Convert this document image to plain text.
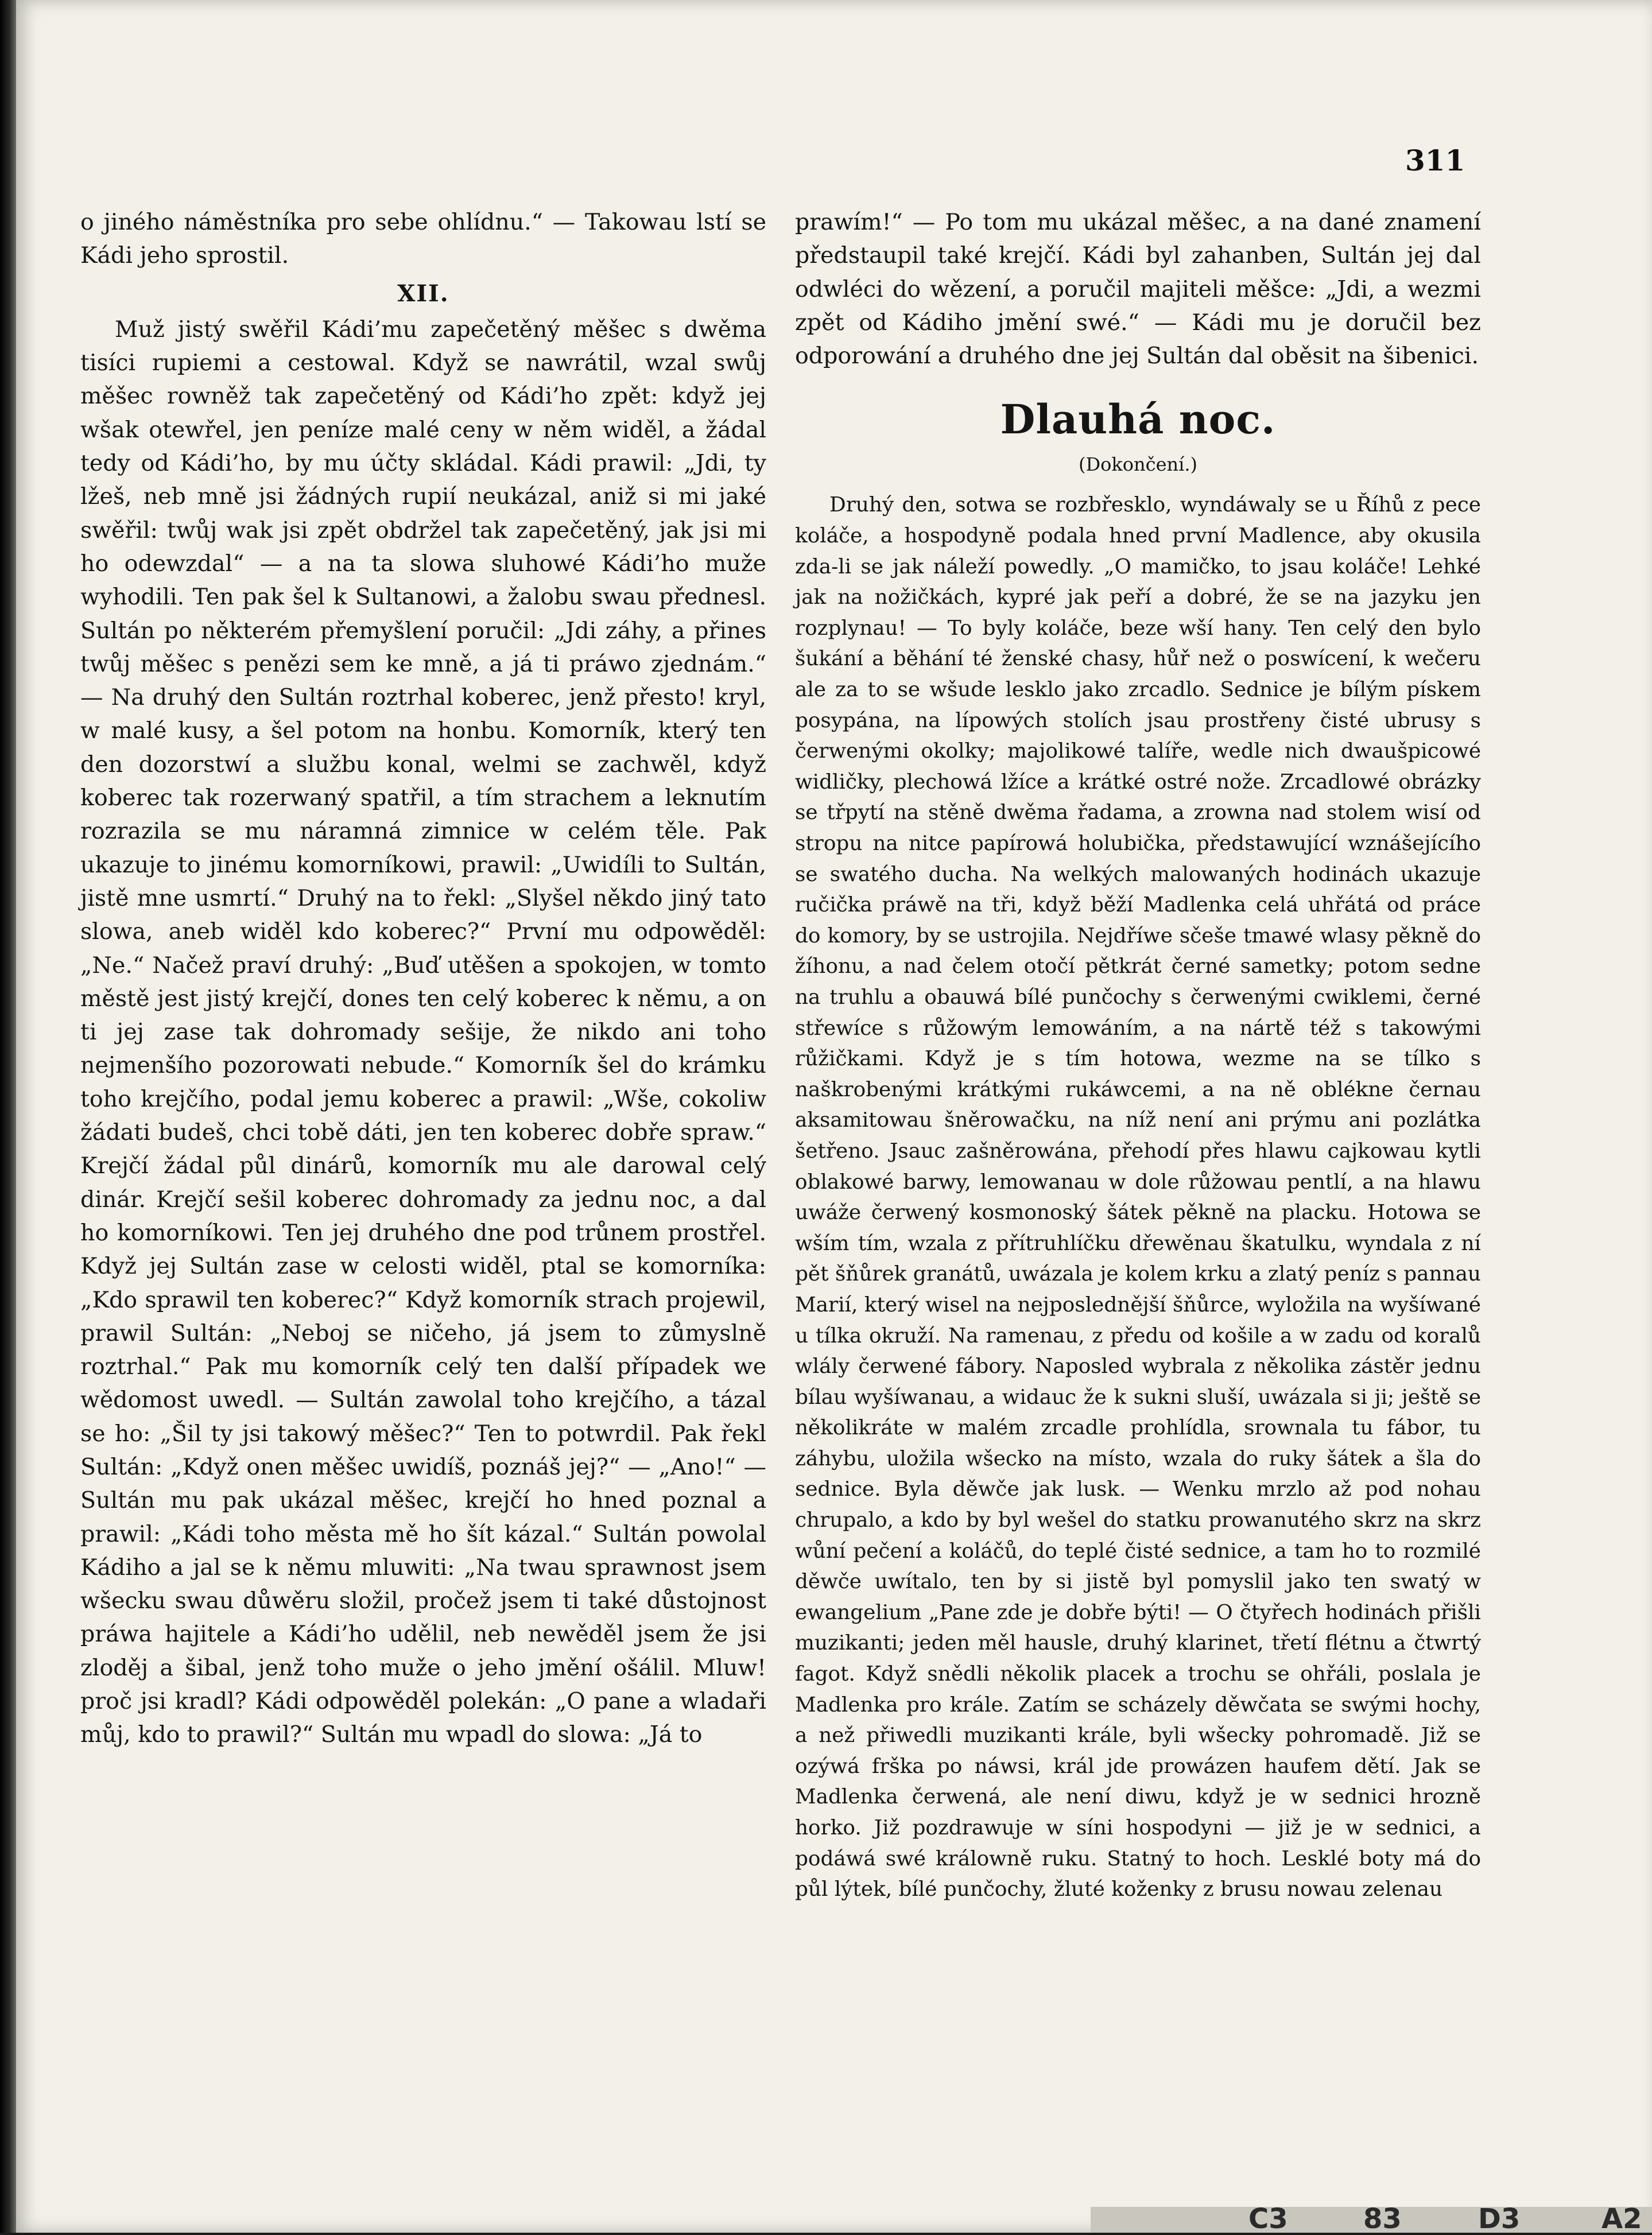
311

o jiného náměstníka pro sebe ohlídnu.“ — Takowau lstí se Kádi jeho sprostil.

XII.

Muž jistý swěřil Kádi’mu zapečetěný měšec s dwěma tisíci rupiemi a cestowal. Když se nawrátil, wzal swůj měšec rowněž tak zapečetěný od Kádi’ho zpět: když jej wšak otewřel, jen peníze malé ceny w něm widěl, a žádal tedy od Kádi’ho, by mu účty skládal. Kádi prawil: „Jdi, ty lžeš, neb mně jsi žádných rupií neukázal, aniž si mi jaké swěřil: twůj wak jsi zpět obdržel tak zapečetěný, jak jsi mi ho odewzdal“ — a na ta slowa sluhowé Kádi’ho muže wyhodili. Ten pak šel k Sultanowi, a žalobu swau přednesl. Sultán po některém přemyšlení poručil: „Jdi záhy, a přines twůj měšec s penězi sem ke mně, a já ti práwo zjednám.“ — Na druhý den Sultán roztrhal koberec, jenž přesto! kryl, w malé kusy, a šel potom na honbu. Komorník, který ten den dozorstwí a službu konal, welmi se zachwěl, když koberec tak rozerwaný spatřil, a tím strachem a leknutím rozrazila se mu náramná zimnice w celém těle. Pak ukazuje to jinému komorníkowi, prawil: „Uwidíli to Sultán, jistě mne usmrtí.“ Druhý na to řekl: „Slyšel někdo jiný tato slowa, aneb widěl kdo koberec?“ První mu odpowěděl: „Ne.“ Načež praví druhý: „Buď utěšen a spokojen, w tomto městě jest jistý krejčí, dones ten celý koberec k němu, a on ti jej zase tak dohromady sešije, že nikdo ani toho nejmenšího pozorowati nebude.“ Komorník šel do krámku toho krejčího, podal jemu koberec a prawil: „Wše, cokoliw žádati budeš, chci tobě dáti, jen ten koberec dobře spraw.“ Krejčí žádal půl dinárů, komorník mu ale darowal celý dinár. Krejčí sešil koberec dohromady za jednu noc, a dal ho komorníkowi. Ten jej druhého dne pod trůnem prostřel. Když jej Sultán zase w celosti widěl, ptal se komorníka: „Kdo sprawil ten koberec?“ Když komorník strach projewil, prawil Sultán: „Neboj se ničeho, já jsem to zůmyslně roztrhal.“ Pak mu komorník celý ten další případek we wědomost uwedl. — Sultán zawolal toho krejčího, a tázal se ho: „Šil ty jsi takowý měšec?“ Ten to potwrdil. Pak řekl Sultán: „Když onen měšec uwidíš, poznáš jej?“ — „Ano!“ — Sultán mu pak ukázal měšec, krejčí ho hned poznal a prawil: „Kádi toho města mě ho šít kázal.“ Sultán powolal Kádiho a jal se k němu mluwiti: „Na twau sprawnost jsem wšecku swau důwěru složil, pročež jsem ti také důstojnost práwa hajitele a Kádi’ho udělil, neb newěděl jsem že jsi zloděj a šibal, jenž toho muže o jeho jmění ošálil. Mluw! proč jsi kradl? Kádi odpowěděl polekán: „O pane a wladaři můj, kdo to prawil?“ Sultán mu wpadl do slowa: „Já to

prawím!“ — Po tom mu ukázal měšec, a na dané znamení předstaupil také krejčí. Kádi byl zahanben, Sultán jej dal odwléci do wězení, a poručil majiteli měšce: „Jdi, a wezmi zpět od Kádiho jmění swé.“ — Kádi mu je doručil bez odporowání a druhého dne jej Sultán dal oběsit na šibenici.

Dlauhá noc.
(Dokončení.)

Druhý den, sotwa se rozbřesklo, wyndáwaly se u Říhů z pece koláče, a hospodyně podala hned první Madlence, aby okusila zda-li se jak náleží powedly. „O mamičko, to jsau koláče! Lehké jak na nožičkách, kypré jak peří a dobré, že se na jazyku jen rozplynau! — To byly koláče, beze wší hany. Ten celý den bylo šukání a běhání té ženské chasy, hůř než o poswícení, k wečeru ale za to se wšude lesklo jako zrcadlo. Sednice je bílým pískem posypána, na lípowých stolích jsau prostřeny čisté ubrusy s čerwenými okolky; majolikowé talíře, wedle nich dwaušpicowé widličky, plechowá lžíce a krátké ostré nože. Zrcadlowé obrázky se třpytí na stěně dwěma řadama, a zrowna nad stolem wisí od stropu na nitce papírowá holubička, předstawující wznášejícího se swatého ducha. Na welkých malowaných hodinách ukazuje ručička práwě na tři, když běží Madlenka celá uhřátá od práce do komory, by se ustrojila. Nejdříwe sčeše tmawé wlasy pěkně do žíhonu, a nad čelem otočí pětkrát černé sametky; potom sedne na truhlu a obauwá bílé punčochy s čerwenými cwiklemi, černé střewíce s růžowým lemowáním, a na nártě též s takowými růžičkami. Když je s tím hotowa, wezme na se tílko s naškrobenými krátkými rukáwcemi, a na ně oblékne černau aksamitowau šněrowačku, na níž není ani prýmu ani pozlátka šetřeno. Jsauc zašněrowána, přehodí přes hlawu cajkowau kytli oblakowé barwy, lemowanau w dole růžowau pentlí, a na hlawu uwáže čerwený kosmonoský šátek pěkně na placku. Hotowa se wším tím, wzala z přítruhlíčku dřewěnau škatulku, wyndala z ní pět šňůrek granátů, uwázala je kolem krku a zlatý peníz s pannau Marií, který wisel na nejposlednější šňůrce, wyložila na wyšíwané u tílka okruží. Na ramenau, z předu od košile a w zadu od koralů wlály čerwené fábory. Naposled wybrala z několika zástěr jednu bílau wyšíwanau, a widauc že k sukni sluší, uwázala si ji; ještě se několikráte w malém zrcadle prohlídla, srownala tu fábor, tu záhybu, uložila wšecko na místo, wzala do ruky šátek a šla do sednice. Byla děwče jak lusk. — Wenku mrzlo až pod nohau chrupalo, a kdo by byl wešel do statku prowanutého skrz na skrz wůní pečení a koláčů, do teplé čisté sednice, a tam ho to rozmilé děwče uwítalo, ten by si jistě byl pomyslil jako ten swatý w ewangelium „Pane zde je dobře býti! — O čtyřech hodinách přišli muzikanti; jeden měl hausle, druhý klarinet, třetí flétnu a čtwrtý fagot. Když snědli několik placek a trochu se ohřáli, poslala je Madlenka pro krále. Zatím se scházely děwčata se swými hochy, a než přiwedli muzikanti krále, byli wšecky pohromadě. Již se ozýwá frška po náwsi, král jde prowázen haufem dětí. Jak se Madlenka čerwená, ale není diwu, když je w sednici hrozně horko. Již pozdrawuje w síni hospodyni — již je w sednici, a podáwá swé králowně ruku. Statný to hoch. Lesklé boty má do půl lýtek, bílé punčochy, žluté koženky z brusu nowau zelenau

C3	83	D3	A2
